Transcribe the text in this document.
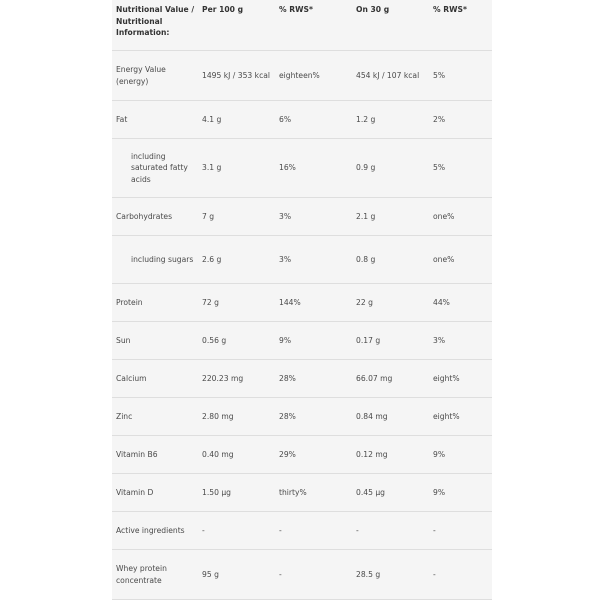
Nutritional Value / Nutritional Information:	Per 100 g	% RWS*	On 30 g	% RWS*
Energy Value (energy)	1495 kJ / 353 kcal	eighteen%	454 kJ / 107 kcal	5%
Fat	4.1 g	6%	1.2 g	2%
including saturated fatty acids	3.1 g	16%	0.9 g	5%
Carbohydrates	7 g	3%	2.1 g	one%
including sugars	2.6 g	3%	0.8 g	one%
Protein	72 g	144%	22 g	44%
Sun	0.56 g	9%	0.17 g	3%
Calcium	220.23 mg	28%	66.07 mg	eight%
Zinc	2.80 mg	28%	0.84 mg	eight%
Vitamin B6	0.40 mg	29%	0.12 mg	9%
Vitamin D	1.50 µg	thirty%	0.45 µg	9%
Active ingredients	-	-	-	-
Whey protein concentrate	95 g	-	28.5 g	-
